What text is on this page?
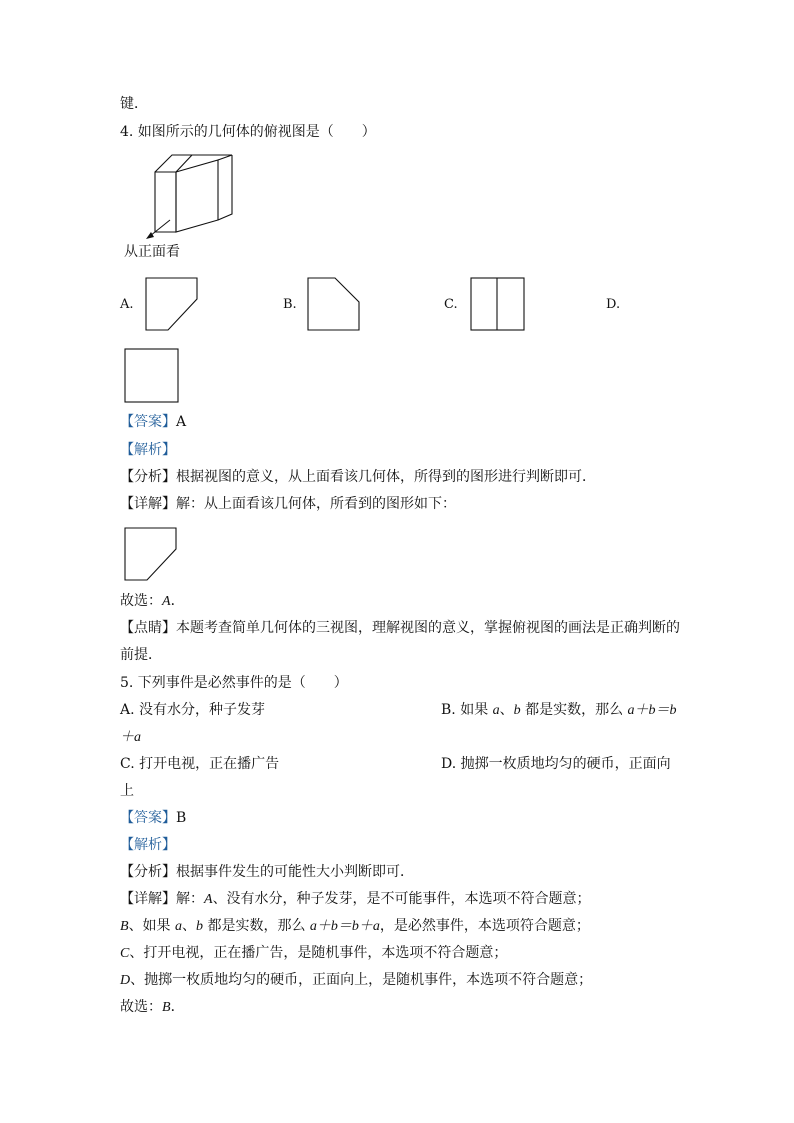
键．
4. 如图所示的几何体的俯视图是（　　）
从正面看
A.	B.	C.	D.
【答案】A
【解析】
【分析】根据视图的意义，从上面看该几何体，所得到的图形进行判断即可．
【详解】解：从上面看该几何体，所看到的图形如下：
故选：A．
【点睛】本题考查简单几何体的三视图，理解视图的意义，掌握俯视图的画法是正确判断的
前提．
5. 下列事件是必然事件的是（　　）
A. 没有水分，种子发芽	B. 如果 a、b 都是实数，那么 a＋b＝b
＋a
C. 打开电视，正在播广告	D. 抛掷一枚质地均匀的硬币，正面向
上
【答案】B
【解析】
【分析】根据事件发生的可能性大小判断即可．
【详解】解：A、没有水分，种子发芽，是不可能事件，本选项不符合题意；
B、如果 a、b 都是实数，那么 a＋b＝b＋a，是必然事件，本选项符合题意；
C、打开电视，正在播广告，是随机事件，本选项不符合题意；
D、抛掷一枚质地均匀的硬币，正面向上，是随机事件，本选项不符合题意；
故选：B．
